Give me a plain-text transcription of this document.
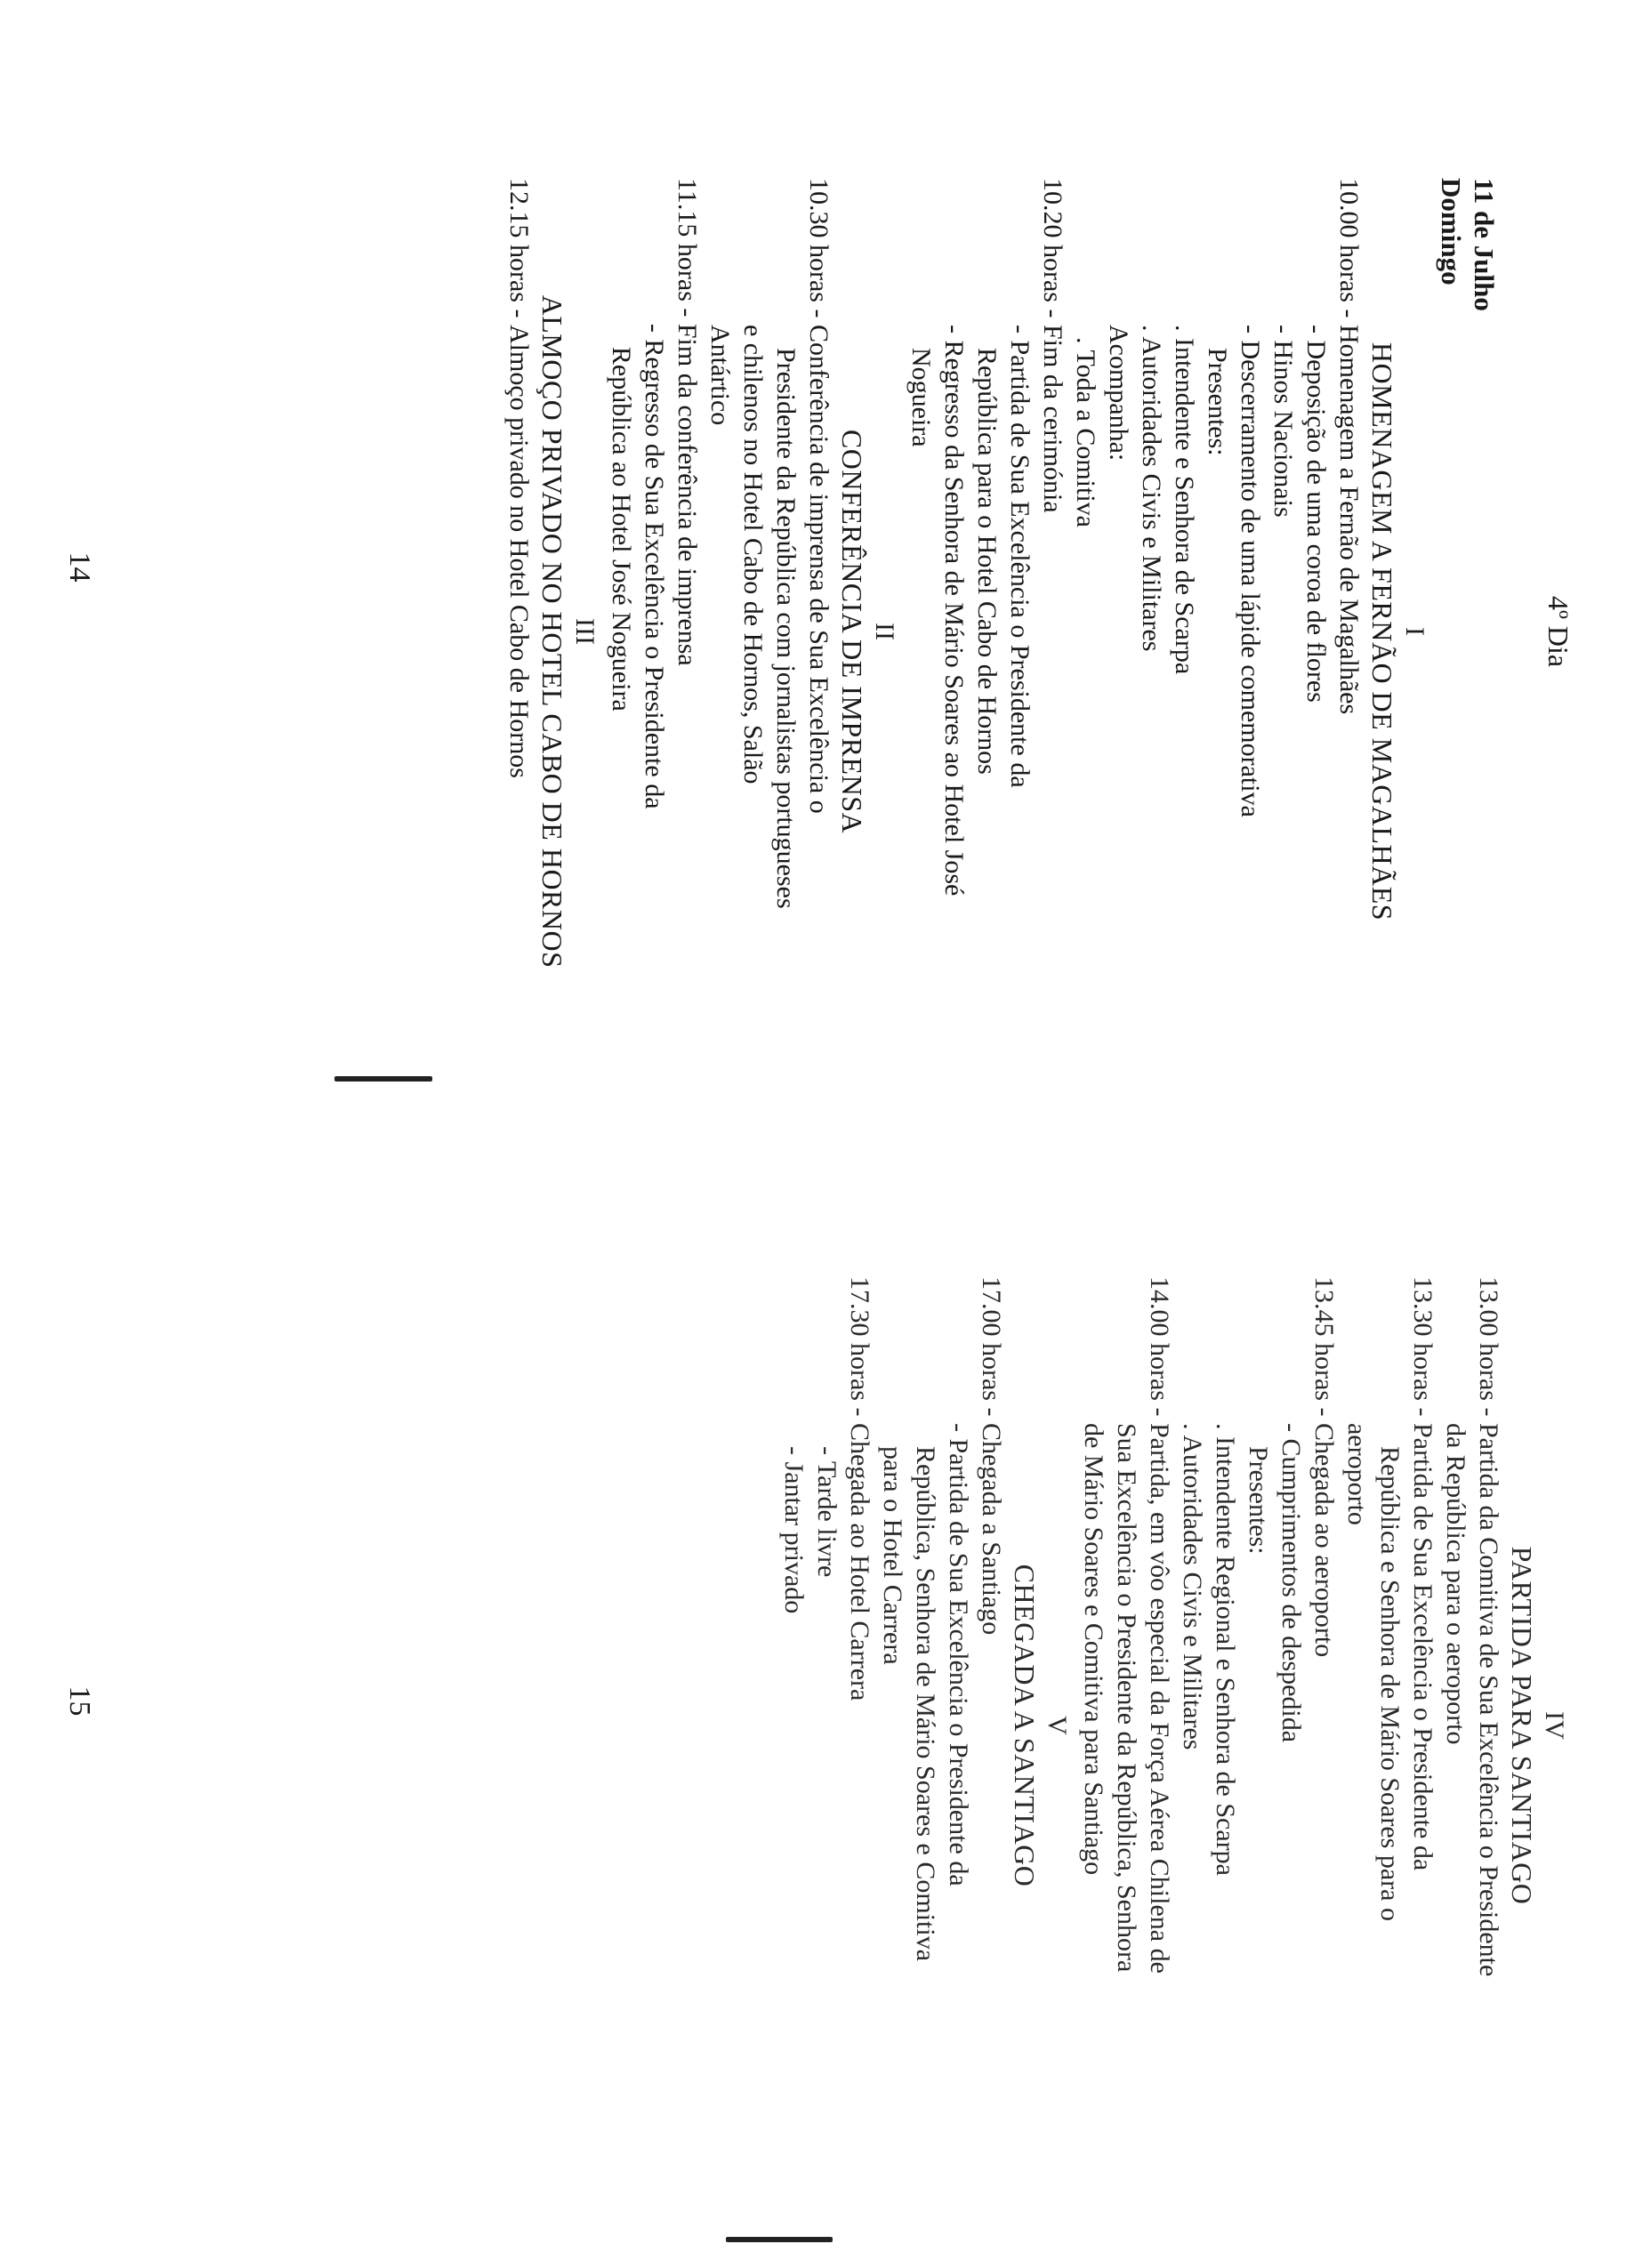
4º Dia
11 de Julho
Domingo
I
HOMENAGEM A FERNÃO DE MAGALHÃES
10.00 horas -
Homenagem a Fernão de Magalhães
- Deposição de uma coroa de flores
- Hinos Nacionais
- Descerramento de uma lápide comemorativa
Presentes:
. Intendente e Senhora de Scarpa
. Autoridades Civis e Militares
Acompanha:
. Toda a Comitiva
10.20 horas -
Fim da cerimónia
- Partida de Sua Excelência o Presidente da
República para o Hotel Cabo de Hornos
- Regresso da Senhora de Mário Soares ao Hotel José
Nogueira
II
CONFERÊNCIA DE IMPRENSA
10.30 horas -
Conferência de imprensa de Sua Excelência o
Presidente da República com jornalistas portugueses
e chilenos no Hotel Cabo de Hornos, Salão
Antártico
11.15 horas -
Fim da conferência de imprensa
- Regresso de Sua Excelência o Presidente da
República ao Hotel José Nogueira
III
ALMOÇO PRIVADO NO HOTEL CABO DE HORNOS
12.15 horas -
Almoço privado no Hotel Cabo de Hornos
14
IV
PARTIDA PARA SANTIAGO
13.00 horas -
Partida da Comitiva de Sua Excelência o Presidente
da República para o aeroporto
13.30 horas -
Partida de Sua Excelência o Presidente da
República e Senhora de Mário Soares para o
aeroporto
13.45 horas -
Chegada ao aeroporto
- Cumprimentos de despedida
Presentes:
. Intendente Regional e Senhora de Scarpa
. Autoridades Civis e Militares
14.00 horas -
Partida, em vôo especial da Força Aérea Chilena de
Sua Excelência o Presidente da República, Senhora
de Mário Soares e Comitiva para Santiago
V
CHEGADA A SANTIAGO
17.00 horas -
Chegada a Santiago
- Partida de Sua Excelência o Presidente da
República, Senhora de Mário Soares e Comitiva
para o Hotel Carrera
17.30 horas -
Chegada ao Hotel Carrera
- Tarde livre
- Jantar privado
15
